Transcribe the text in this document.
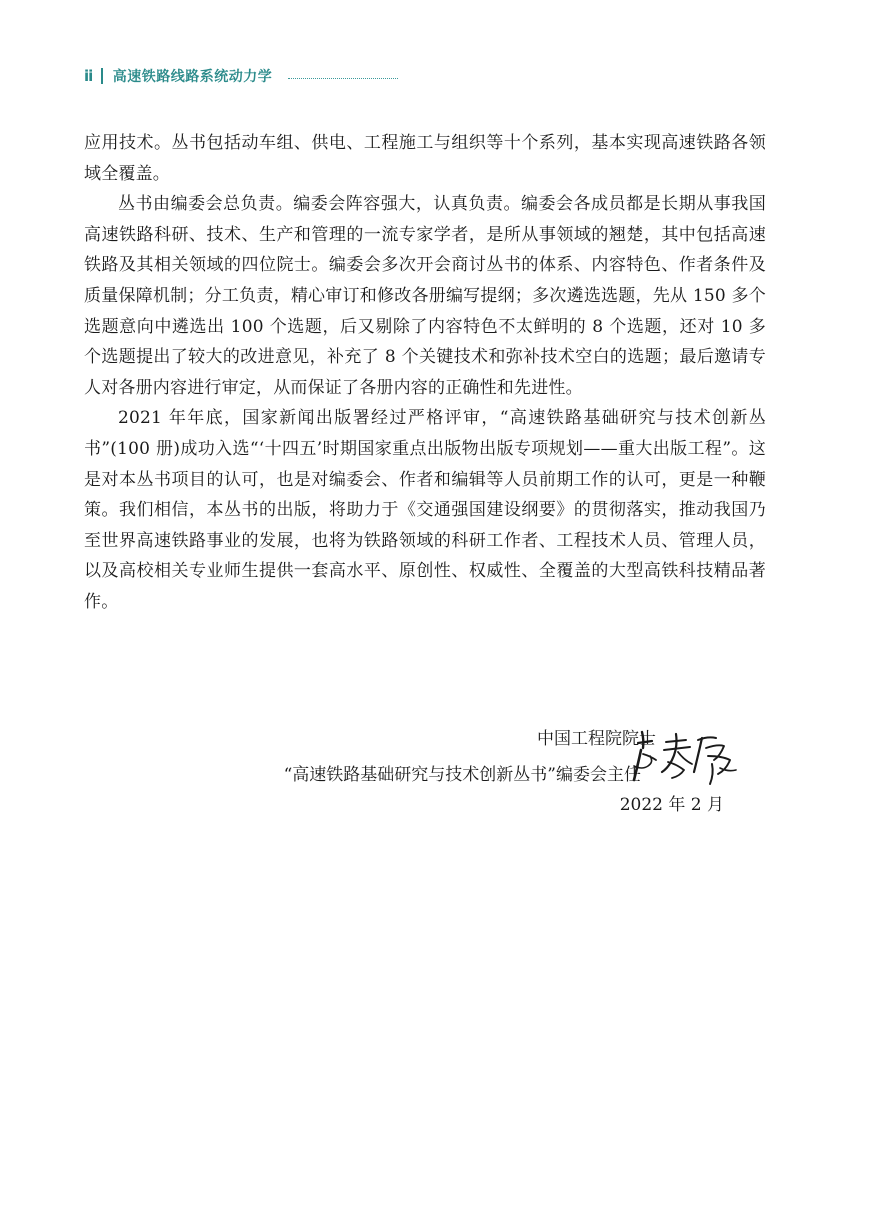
ii 高速铁路线路系统动力学

应用技术。丛书包括动车组、供电、工程施工与组织等十个系列，基本实现高速铁路各领域全覆盖。

丛书由编委会总负责。编委会阵容强大，认真负责。编委会各成员都是长期从事我国高速铁路科研、技术、生产和管理的一流专家学者，是所从事领域的翘楚，其中包括高速铁路及其相关领域的四位院士。编委会多次开会商讨丛书的体系、内容特色、作者条件及质量保障机制；分工负责，精心审订和修改各册编写提纲；多次遴选选题，先从 150 多个选题意向中遴选出 100 个选题，后又剔除了内容特色不太鲜明的 8 个选题，还对 10 多个选题提出了较大的改进意见，补充了 8 个关键技术和弥补技术空白的选题；最后邀请专人对各册内容进行审定，从而保证了各册内容的正确性和先进性。

2021 年年底，国家新闻出版署经过严格评审，“高速铁路基础研究与技术创新丛书”(100 册)成功入选“‘十四五’时期国家重点出版物出版专项规划——重大出版工程”。这是对本丛书项目的认可，也是对编委会、作者和编辑等人员前期工作的认可，更是一种鞭策。我们相信，本丛书的出版，将助力于《交通强国建设纲要》的贯彻落实，推动我国乃至世界高速铁路事业的发展，也将为铁路领域的科研工作者、工程技术人员、管理人员，以及高校相关专业师生提供一套高水平、原创性、权威性、全覆盖的大型高铁科技精品著作。

中国工程院院士
“高速铁路基础研究与技术创新丛书”编委会主任
2022 年 2 月
